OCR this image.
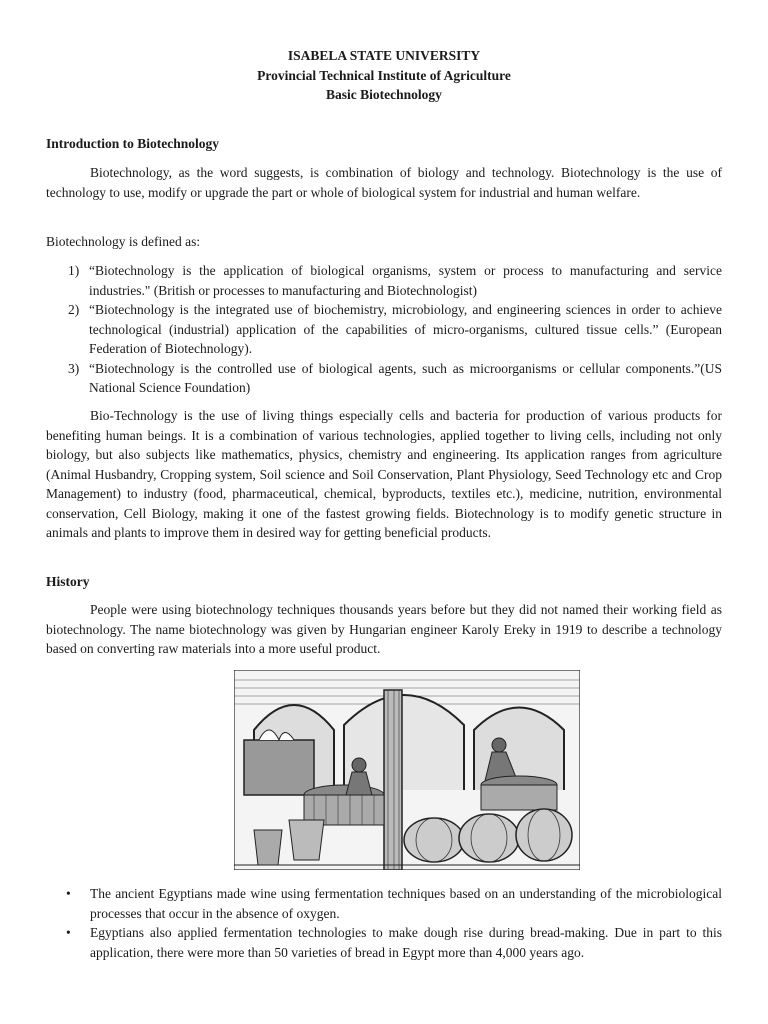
ISABELA STATE UNIVERSITY
Provincial Technical Institute of Agriculture
Basic Biotechnology
Introduction to Biotechnology
Biotechnology, as the word suggests, is combination of biology and technology. Biotechnology is the use of technology to use, modify or upgrade the part or whole of biological system for industrial and human welfare.
Biotechnology is defined as:
1) “Biotechnology is the application of biological organisms, system or process to manufacturing and service industries." (British or processes to manufacturing and Biotechnologist)
2) “Biotechnology is the integrated use of biochemistry, microbiology, and engineering sciences in order to achieve technological (industrial) application of the capabilities of micro-organisms, cultured tissue cells.” (European Federation of Biotechnology).
3) “Biotechnology is the controlled use of biological agents, such as microorganisms or cellular components.”(US National Science Foundation)
Bio-Technology is the use of living things especially cells and bacteria for production of various products for benefiting human beings. It is a combination of various technologies, applied together to living cells, including not only biology, but also subjects like mathematics, physics, chemistry and engineering. Its application ranges from agriculture (Animal Husbandry, Cropping system, Soil science and Soil Conservation, Plant Physiology, Seed Technology etc and Crop Management) to industry (food, pharmaceutical, chemical, byproducts, textiles etc.), medicine, nutrition, environmental conservation, Cell Biology, making it one of the fastest growing fields. Biotechnology is to modify genetic structure in animals and plants to improve them in desired way for getting beneficial products.
History
People were using biotechnology techniques thousands years before but they did not named their working field as biotechnology. The name biotechnology was given by Hungarian engineer Karoly Ereky in 1919 to describe a technology based on converting raw materials into a more useful product.
• The ancient Egyptians made wine using fermentation techniques based on an understanding of the microbiological processes that occur in the absence of oxygen.
• Egyptians also applied fermentation technologies to make dough rise during bread-making. Due in part to this application, there were more than 50 varieties of bread in Egypt more than 4,000 years ago.
